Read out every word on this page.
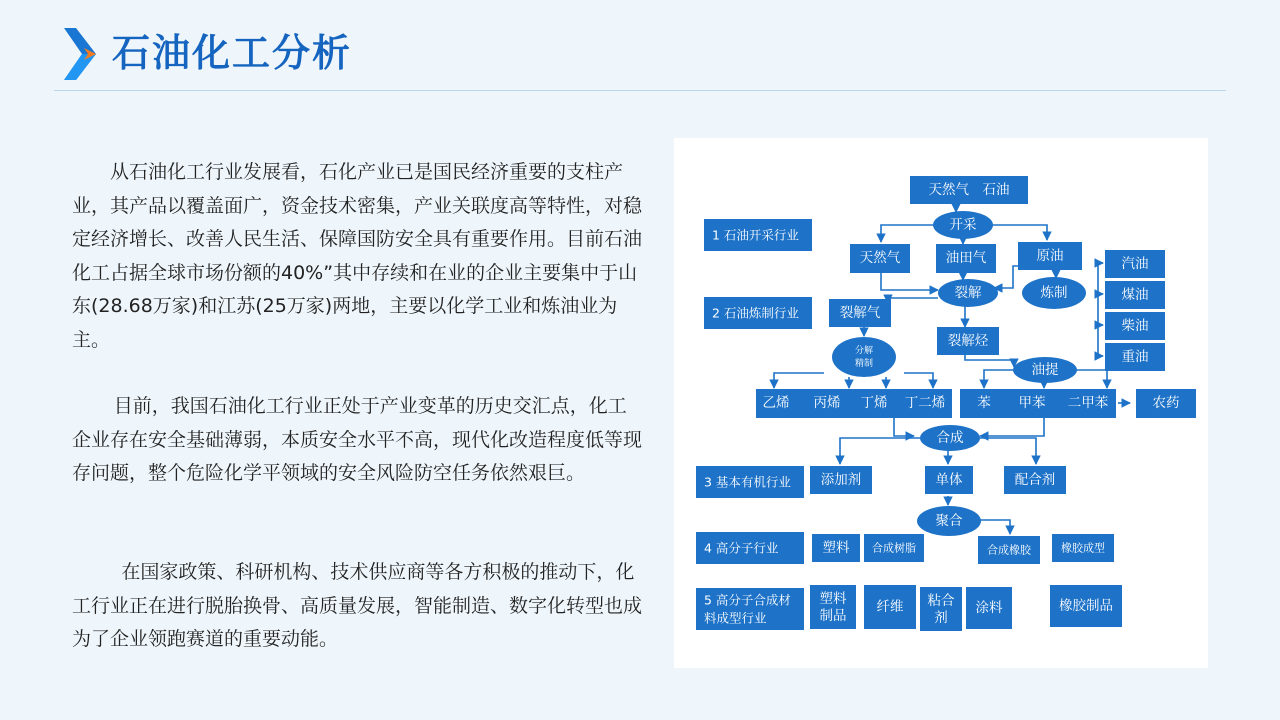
石油化工分析

从石油化工行业发展看，石化产业已是国民经济重要的支柱产业，其产品以覆盖面广，资金技术密集，产业关联度高等特性，对稳定经济增长、改善人民生活、保障国防安全具有重要作用。目前石油化工占据全球市场份额的40%”其中存续和在业的企业主要集中于山东(28.68万家)和江苏(25万家)两地，主要以化学工业和炼油业为主。

目前，我国石油化工行业正处于产业变革的历史交汇点，化工企业存在安全基础薄弱，本质安全水平不高，现代化改造程度低等现存问题，整个危险化学平领域的安全风险防空任务依然艰巨。

在国家政策、科研机构、技术供应商等各方积极的推动下，化工行业正在进行脱胎换骨、高质量发展，智能制造、数字化转型也成为了企业领跑赛道的重要动能。

1 石油开采行业
2 石油炼制行业
3 基本有机行业
4 高分子行业
5 高分子合成材
料成型行业
天然气　石油
开采
天然气	油田气	原油
裂解	炼制
汽油
煤油
柴油
重油
裂解气
裂解烃
分解
精制	油提
乙烯 丙烯 丁烯 丁二烯 苯 甲苯 二甲苯	农药
合成
添加剂	单体	配合剂
聚合
塑料 合成树脂	合成橡胶	橡胶成型
塑料
制品
纤维 粘合
剂
涂料	橡胶制品
